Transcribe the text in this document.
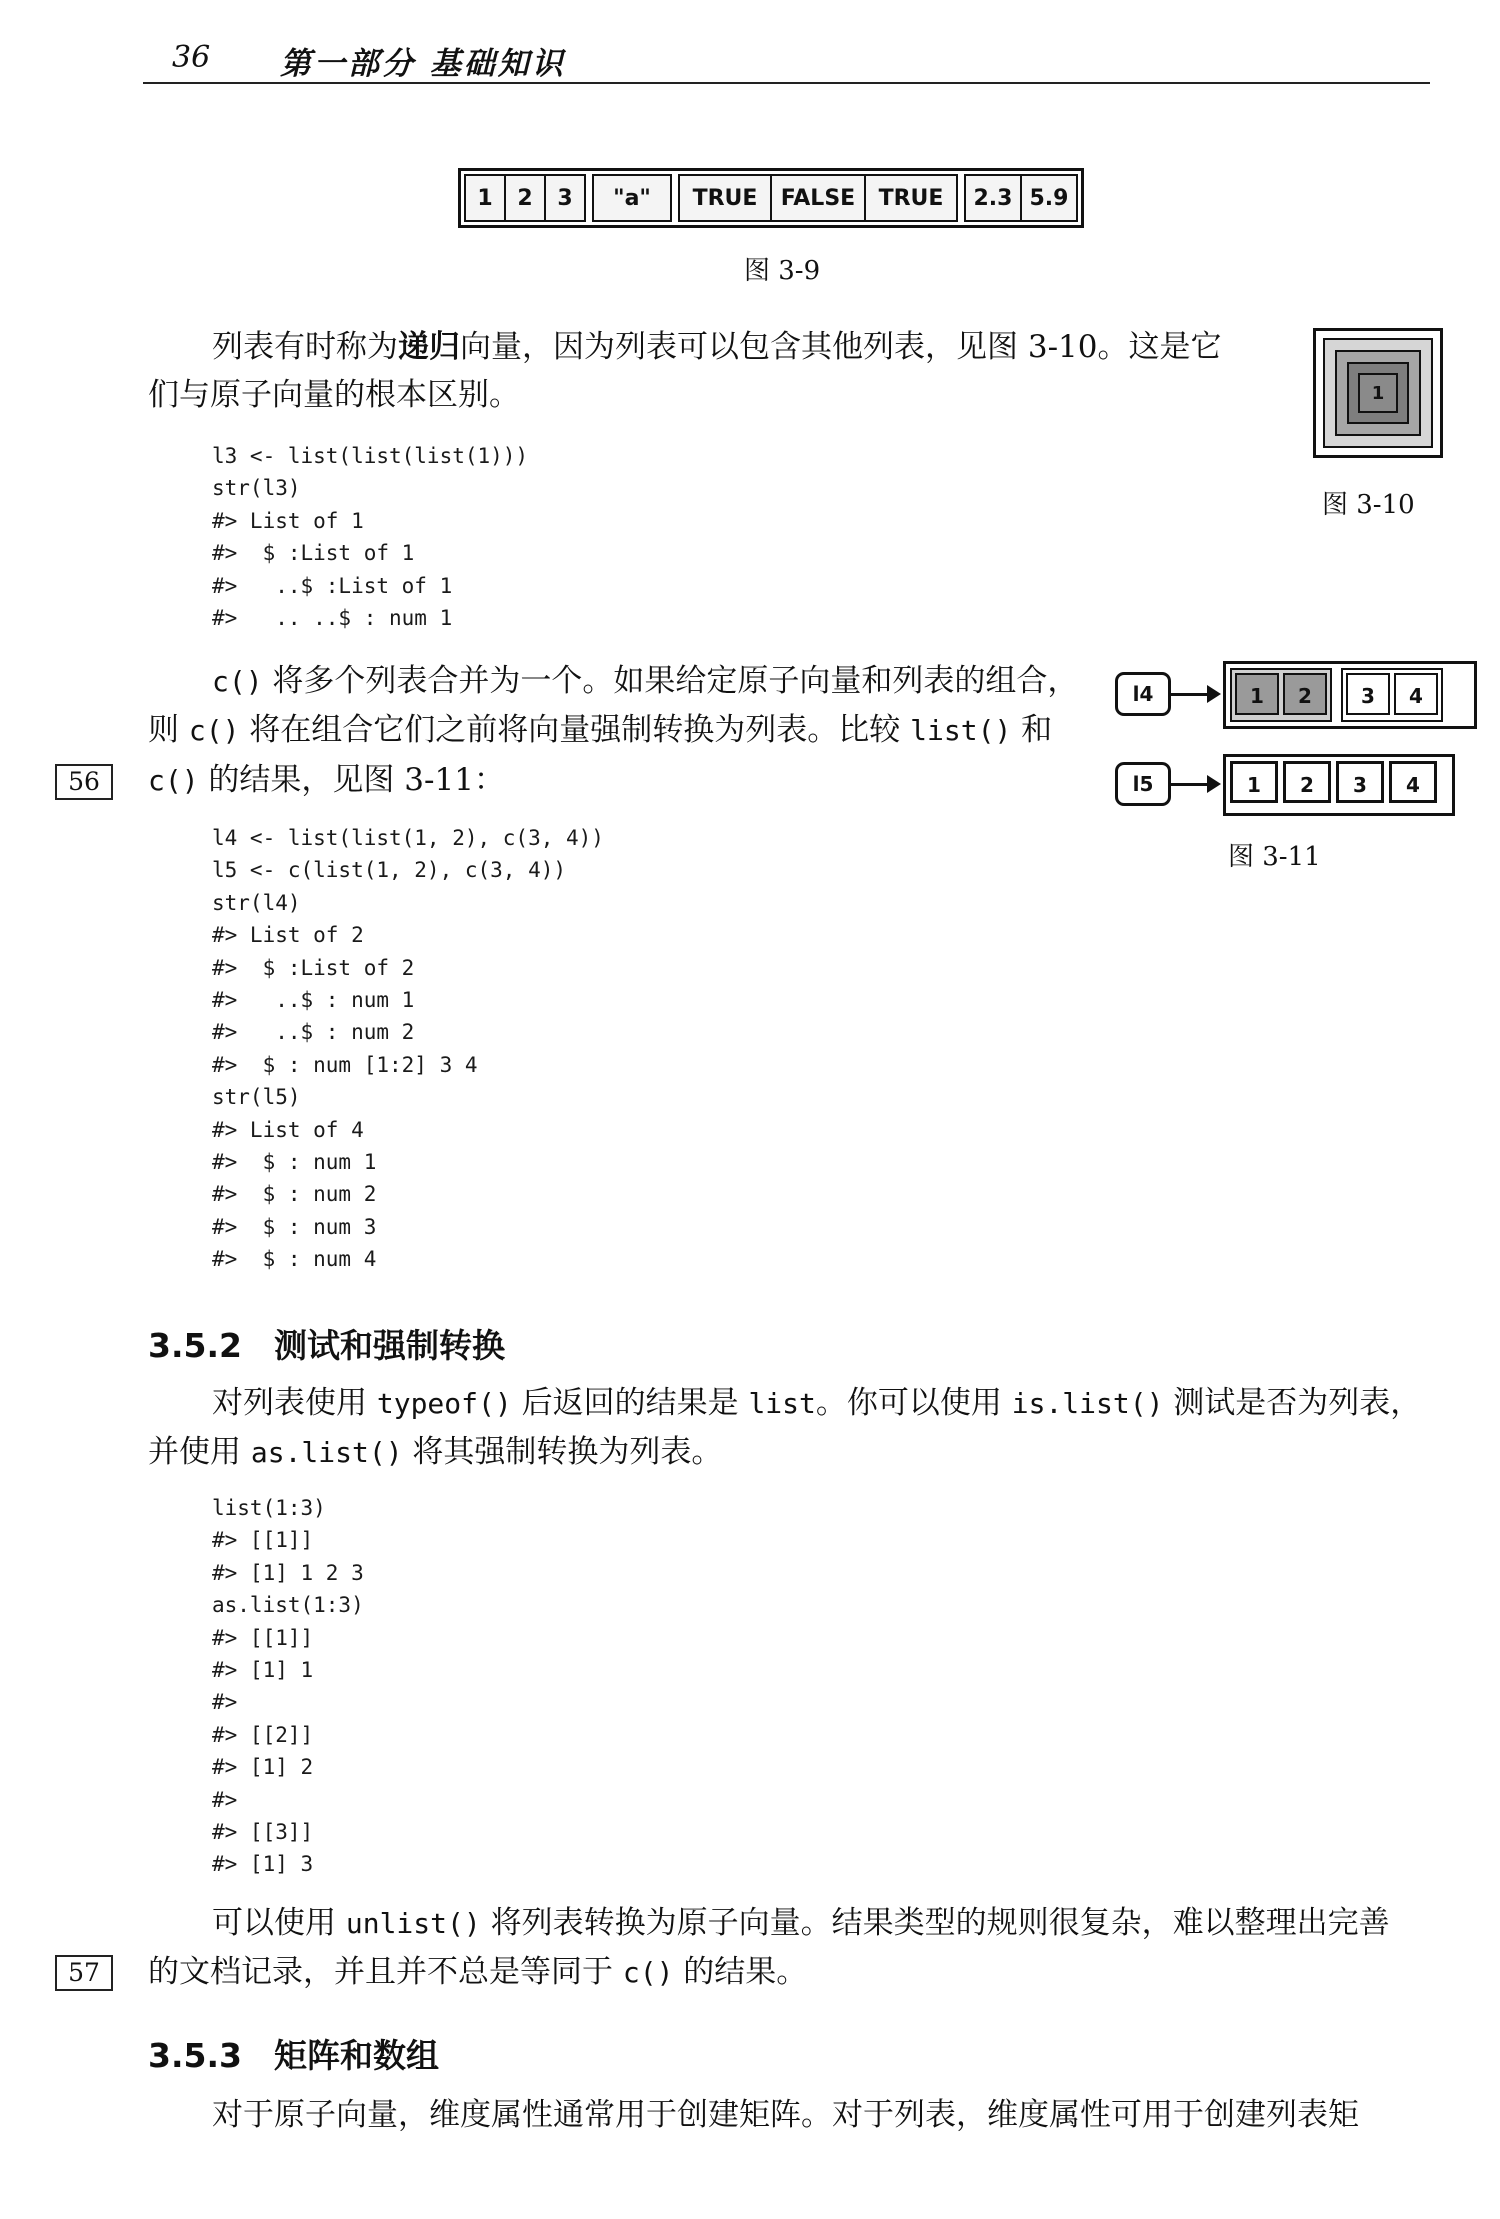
36 第一部分 基础知识
1	2	3	"a"	TRUE	FALSE	TRUE	2.3 5.9
图 3-9
列表有时称为递归向量，因为列表可以包含其他列表，见图 3-10。这是它
们与原子向量的根本区别。	1
图 3-10
l3 <- list(list(list(1)))
str(l3)
#> List of 1
#>  $ :List of 1
#>   ..$ :List of 1
#>   .. ..$ : num 1
c() 将多个列表合并为一个。如果给定原子向量和列表的组合，
则 c() 将在组合它们之前将向量强制转换为列表。比较 list() 和
c() 的结果，见图 3-11：
56
l4	1	2	3	4
l5	1	2	3	4
图 3-11
l4 <- list(list(1, 2), c(3, 4))
l5 <- c(list(1, 2), c(3, 4))
str(l4)
#> List of 2
#>  $ :List of 2
#>   ..$ : num 1
#>   ..$ : num 2
#>  $ : num [1:2] 3 4
str(l5)
#> List of 4
#>  $ : num 1
#>  $ : num 2
#>  $ : num 3
#>  $ : num 4
3.5.2 测试和强制转换
对列表使用 typeof() 后返回的结果是 list。你可以使用 is.list() 测试是否为列表，
并使用 as.list() 将其强制转换为列表。
list(1:3)
#> [[1]]
#> [1] 1 2 3
as.list(1:3)
#> [[1]]
#> [1] 1
#>
#> [[2]]
#> [1] 2
#>
#> [[3]]
#> [1] 3
可以使用 unlist() 将列表转换为原子向量。结果类型的规则很复杂，难以整理出完善
的文档记录，并且并不总是等同于 c() 的结果。
57
3.5.3 矩阵和数组
对于原子向量，维度属性通常用于创建矩阵。对于列表，维度属性可用于创建列表矩
